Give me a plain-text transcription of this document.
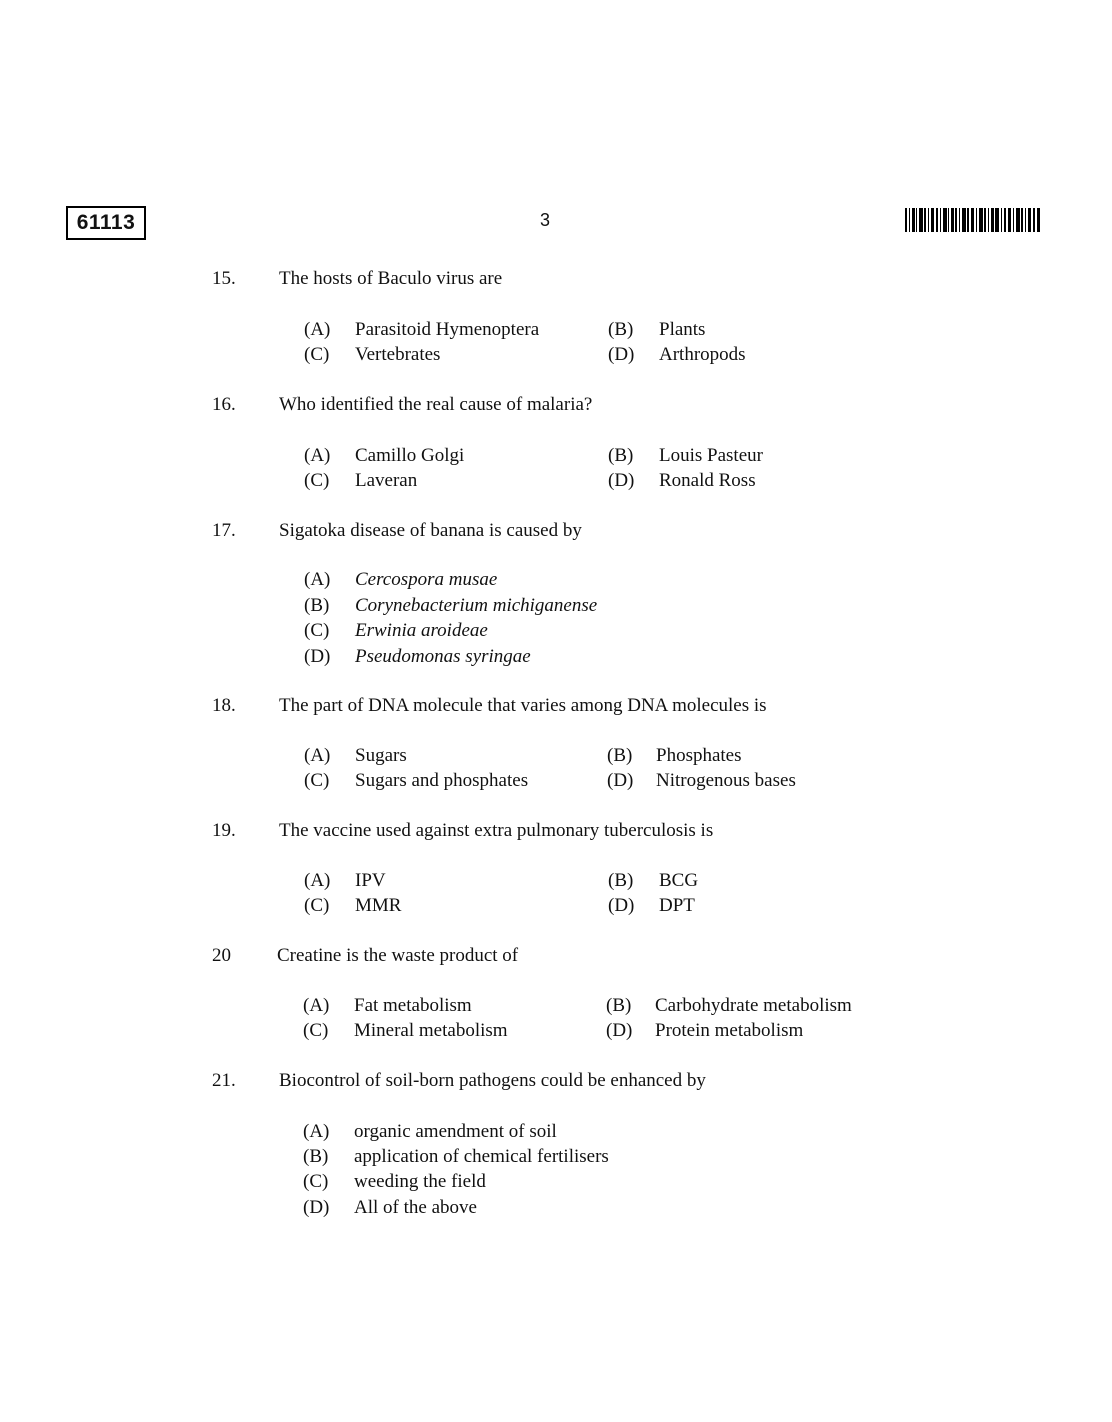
61113	3
15. The hosts of Baculo virus are
(A) Parasitoid Hymenoptera	(B) Plants
(C) Vertebrates	(D) Arthropods
16. Who identified the real cause of malaria?
(A) Camillo Golgi	(B) Louis Pasteur
(C) Laveran	(D) Ronald Ross
17. Sigatoka disease of banana is caused by
(A) Cercospora musae
(B) Corynebacterium michiganense
(C) Erwinia aroideae
(D) Pseudomonas syringae
18. The part of DNA molecule that varies among DNA molecules is
(A) Sugars	(B) Phosphates
(C) Sugars and phosphates	(D) Nitrogenous bases
19. The vaccine used against extra pulmonary tuberculosis is
(A) IPV	(B) BCG
(C) MMR	(D) DPT
20 Creatine is the waste product of
(A) Fat metabolism	(B) Carbohydrate metabolism
(C) Mineral metabolism	(D) Protein metabolism
21. Biocontrol of soil-born pathogens could be enhanced by
(A) organic amendment of soil
(B) application of chemical fertilisers
(C) weeding the field
(D) All of the above
